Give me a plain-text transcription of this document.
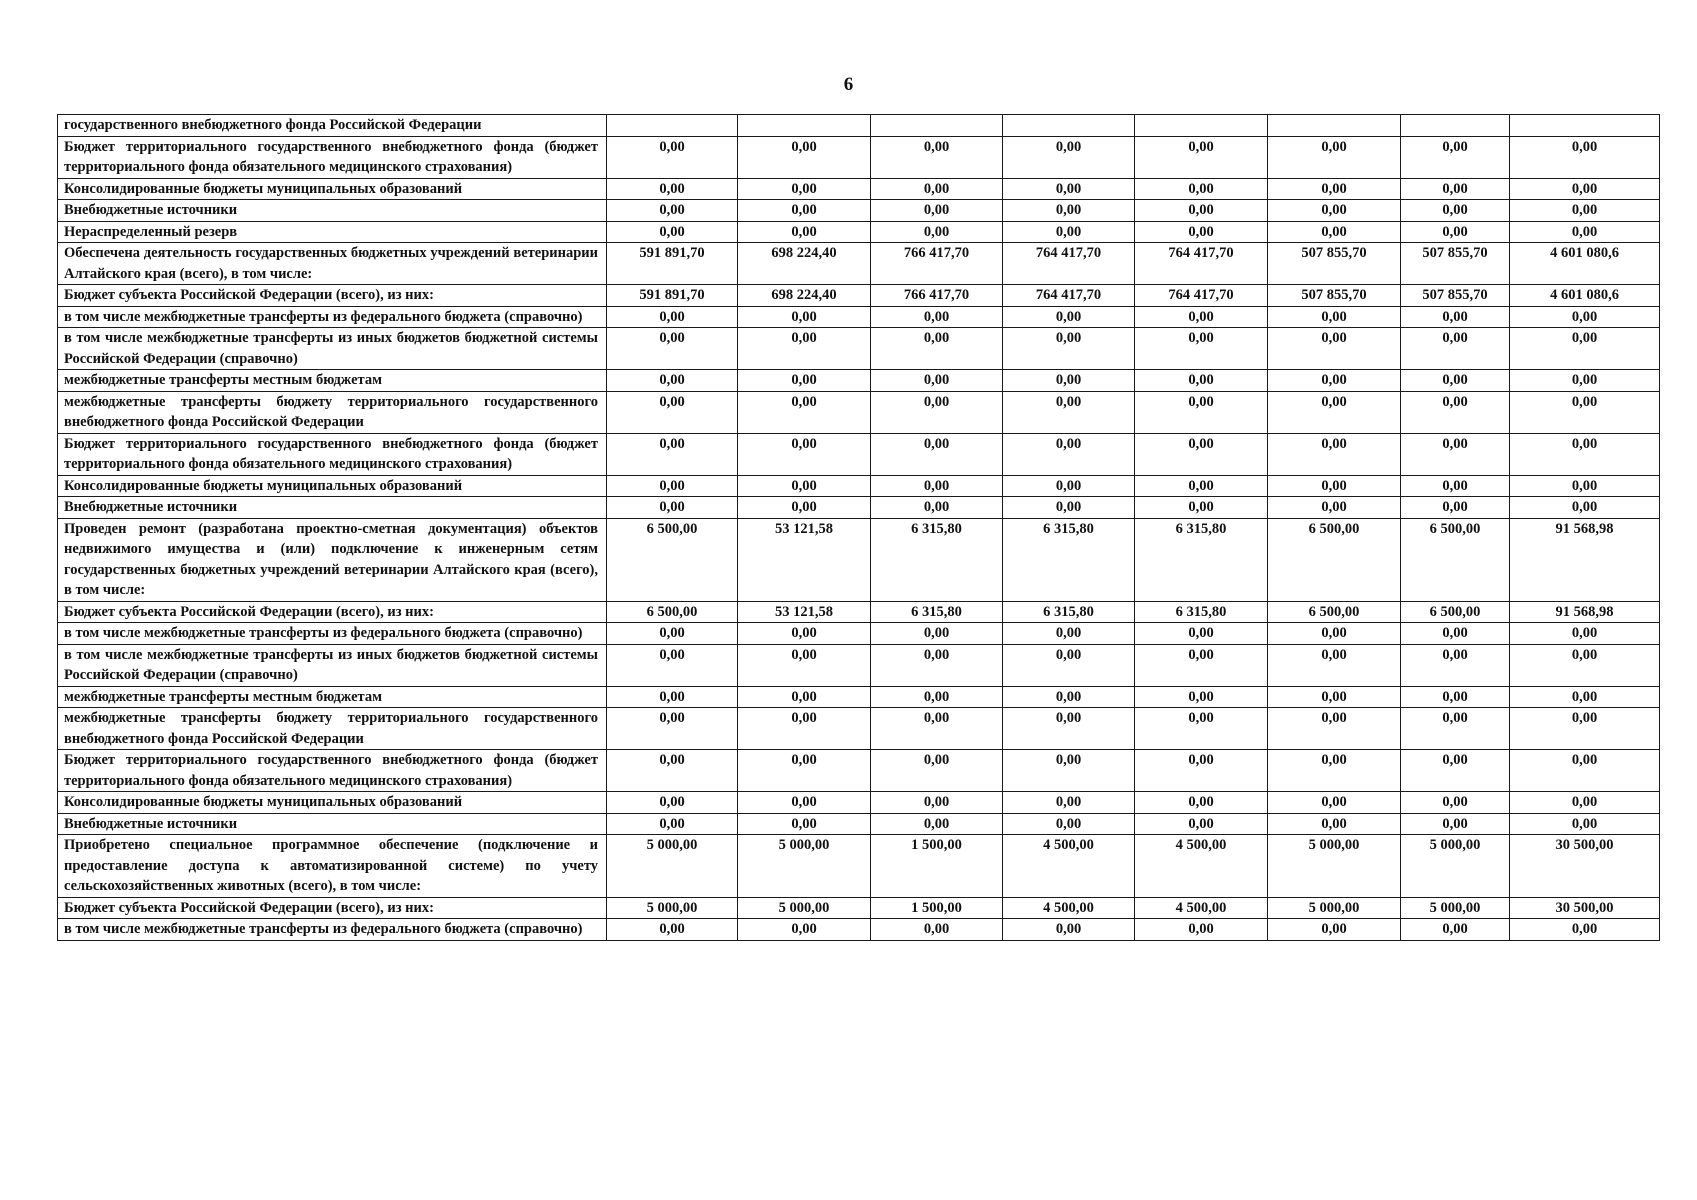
6
государственного внебюджетного фонда Российской Федерации								
Бюджет территориального государственного внебюджетного фонда (бюджет территориального фонда обязательного медицинского страхования)	0,00	0,00	0,00	0,00	0,00	0,00	0,00	0,00
Консолидированные бюджеты муниципальных образований	0,00	0,00	0,00	0,00	0,00	0,00	0,00	0,00
Внебюджетные источники	0,00	0,00	0,00	0,00	0,00	0,00	0,00	0,00
Нераспределенный резерв	0,00	0,00	0,00	0,00	0,00	0,00	0,00	0,00
Обеспечена деятельность государственных бюджетных учреждений ветеринарии Алтайского края (всего), в том числе:	591 891,70	698 224,40	766 417,70	764 417,70	764 417,70	507 855,70	507 855,70	4 601 080,6
Бюджет субъекта Российской Федерации (всего), из них:	591 891,70	698 224,40	766 417,70	764 417,70	764 417,70	507 855,70	507 855,70	4 601 080,6
в том числе межбюджетные трансферты из федерального бюджета (справочно)	0,00	0,00	0,00	0,00	0,00	0,00	0,00	0,00
в том числе межбюджетные трансферты из иных бюджетов бюджетной системы Российской Федерации (справочно)	0,00	0,00	0,00	0,00	0,00	0,00	0,00	0,00
межбюджетные трансферты местным бюджетам	0,00	0,00	0,00	0,00	0,00	0,00	0,00	0,00
межбюджетные трансферты бюджету территориального государственного внебюджетного фонда Российской Федерации	0,00	0,00	0,00	0,00	0,00	0,00	0,00	0,00
Бюджет территориального государственного внебюджетного фонда (бюджет территориального фонда обязательного медицинского страхования)	0,00	0,00	0,00	0,00	0,00	0,00	0,00	0,00
Консолидированные бюджеты муниципальных образований	0,00	0,00	0,00	0,00	0,00	0,00	0,00	0,00
Внебюджетные источники	0,00	0,00	0,00	0,00	0,00	0,00	0,00	0,00
Проведен ремонт (разработана проектно-сметная документация) объектов недвижимого имущества и (или) подключение к инженерным сетям государственных бюджетных учреждений ветеринарии Алтайского края (всего), в том числе:	6 500,00	53 121,58	6 315,80	6 315,80	6 315,80	6 500,00	6 500,00	91 568,98
Бюджет субъекта Российской Федерации (всего), из них:	6 500,00	53 121,58	6 315,80	6 315,80	6 315,80	6 500,00	6 500,00	91 568,98
в том числе межбюджетные трансферты из федерального бюджета (справочно)	0,00	0,00	0,00	0,00	0,00	0,00	0,00	0,00
в том числе межбюджетные трансферты из иных бюджетов бюджетной системы Российской Федерации (справочно)	0,00	0,00	0,00	0,00	0,00	0,00	0,00	0,00
межбюджетные трансферты местным бюджетам	0,00	0,00	0,00	0,00	0,00	0,00	0,00	0,00
межбюджетные трансферты бюджету территориального государственного внебюджетного фонда Российской Федерации	0,00	0,00	0,00	0,00	0,00	0,00	0,00	0,00
Бюджет территориального государственного внебюджетного фонда (бюджет территориального фонда обязательного медицинского страхования)	0,00	0,00	0,00	0,00	0,00	0,00	0,00	0,00
Консолидированные бюджеты муниципальных образований	0,00	0,00	0,00	0,00	0,00	0,00	0,00	0,00
Внебюджетные источники	0,00	0,00	0,00	0,00	0,00	0,00	0,00	0,00
Приобретено специальное программное обеспечение (подключение и предоставление доступа к автоматизированной системе) по учету сельскохозяйственных животных (всего), в том числе:	5 000,00	5 000,00	1 500,00	4 500,00	4 500,00	5 000,00	5 000,00	30 500,00
Бюджет субъекта Российской Федерации (всего), из них:	5 000,00	5 000,00	1 500,00	4 500,00	4 500,00	5 000,00	5 000,00	30 500,00
в том числе межбюджетные трансферты из федерального бюджета (справочно)	0,00	0,00	0,00	0,00	0,00	0,00	0,00	0,00
